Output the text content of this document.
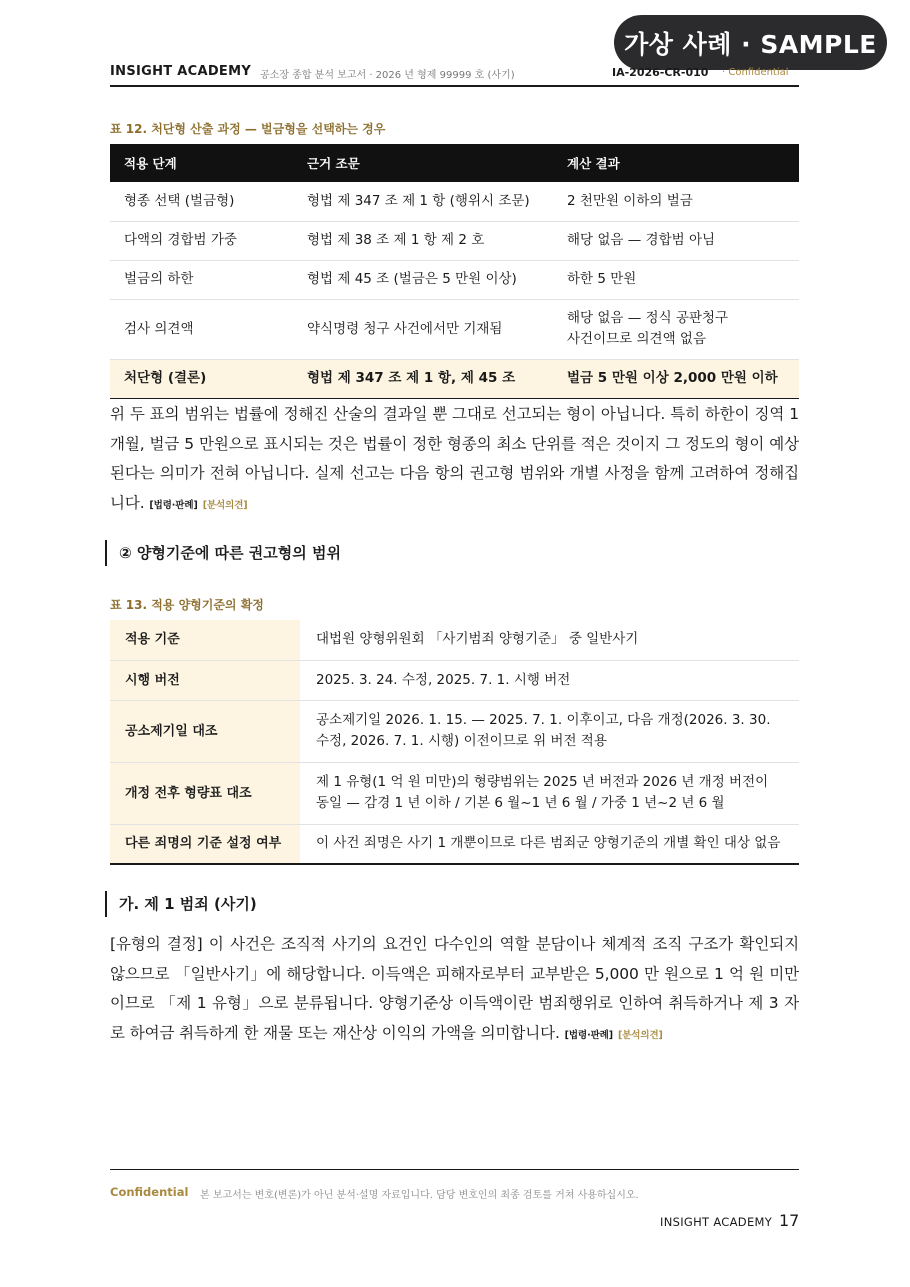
가상 사례 · SAMPLE
INSIGHT ACADEMY 공소장 종합 분석 보고서 · 2026 년 형제 99999 호 (사기)	IA-2026-CR-010 · Confidential
표 12. 처단형 산출 과정 — 벌금형을 선택하는 경우
적용 단계	근거 조문	계산 결과
형종 선택 (벌금형)	형법 제 347 조 제 1 항 (행위시 조문)	2 천만원 이하의 벌금
다액의 경합범 가중	형법 제 38 조 제 1 항 제 2 호	해당 없음 — 경합범 아님
벌금의 하한	형법 제 45 조 (벌금은 5 만원 이상)	하한 5 만원
검사 의견액	약식명령 청구 사건에서만 기재됨	해당 없음 — 정식 공판청구
사건이므로 의견액 없음
처단형 (결론)	형법 제 347 조 제 1 항, 제 45 조	벌금 5 만원 이상 2,000 만원 이하
위 두 표의 범위는 법률에 정해진 산술의 결과일 뿐 그대로 선고되는 형이 아닙니다. 특히 하한이 징역 1 개월, 벌금 5 만원으로 표시되는 것은 법률이 정한 형종의 최소 단위를 적은 것이지 그 정도의 형이 예상된다는 의미가 전혀 아닙니다. 실제 선고는 다음 항의 권고형 범위와 개별 사정을 함께 고려하여 정해집니다. [법령·판례] [분석의견]
② 양형기준에 따른 권고형의 범위
표 13. 적용 양형기준의 확정
적용 기준	대법원 양형위원회 「사기범죄 양형기준」 중 일반사기
시행 버전	2025. 3. 24. 수정, 2025. 7. 1. 시행 버전
공소제기일 대조	공소제기일 2026. 1. 15. — 2025. 7. 1. 이후이고, 다음 개정(2026. 3. 30. 수정, 2026. 7. 1. 시행) 이전이므로 위 버전 적용
개정 전후 형량표 대조	제 1 유형(1 억 원 미만)의 형량범위는 2025 년 버전과 2026 년 개정 버전이 동일 — 감경 1 년 이하 / 기본 6 월~1 년 6 월 / 가중 1 년~2 년 6 월
다른 죄명의 기준 설정 여부	이 사건 죄명은 사기 1 개뿐이므로 다른 범죄군 양형기준의 개별 확인 대상 없음
가. 제 1 범죄 (사기)
[유형의 결정] 이 사건은 조직적 사기의 요건인 다수인의 역할 분담이나 체계적 조직 구조가 확인되지 않으므로 「일반사기」에 해당합니다. 이득액은 피해자로부터 교부받은 5,000 만 원으로 1 억 원 미만이므로 「제 1 유형」으로 분류됩니다. 양형기준상 이득액이란 범죄행위로 인하여 취득하거나 제 3 자로 하여금 취득하게 한 재물 또는 재산상 이익의 가액을 의미합니다. [법령·판례] [분석의견]
Confidential 본 보고서는 변호(변론)가 아닌 분석·설명 자료입니다. 담당 변호인의 최종 검토를 거쳐 사용하십시오.
INSIGHT ACADEMY 17
